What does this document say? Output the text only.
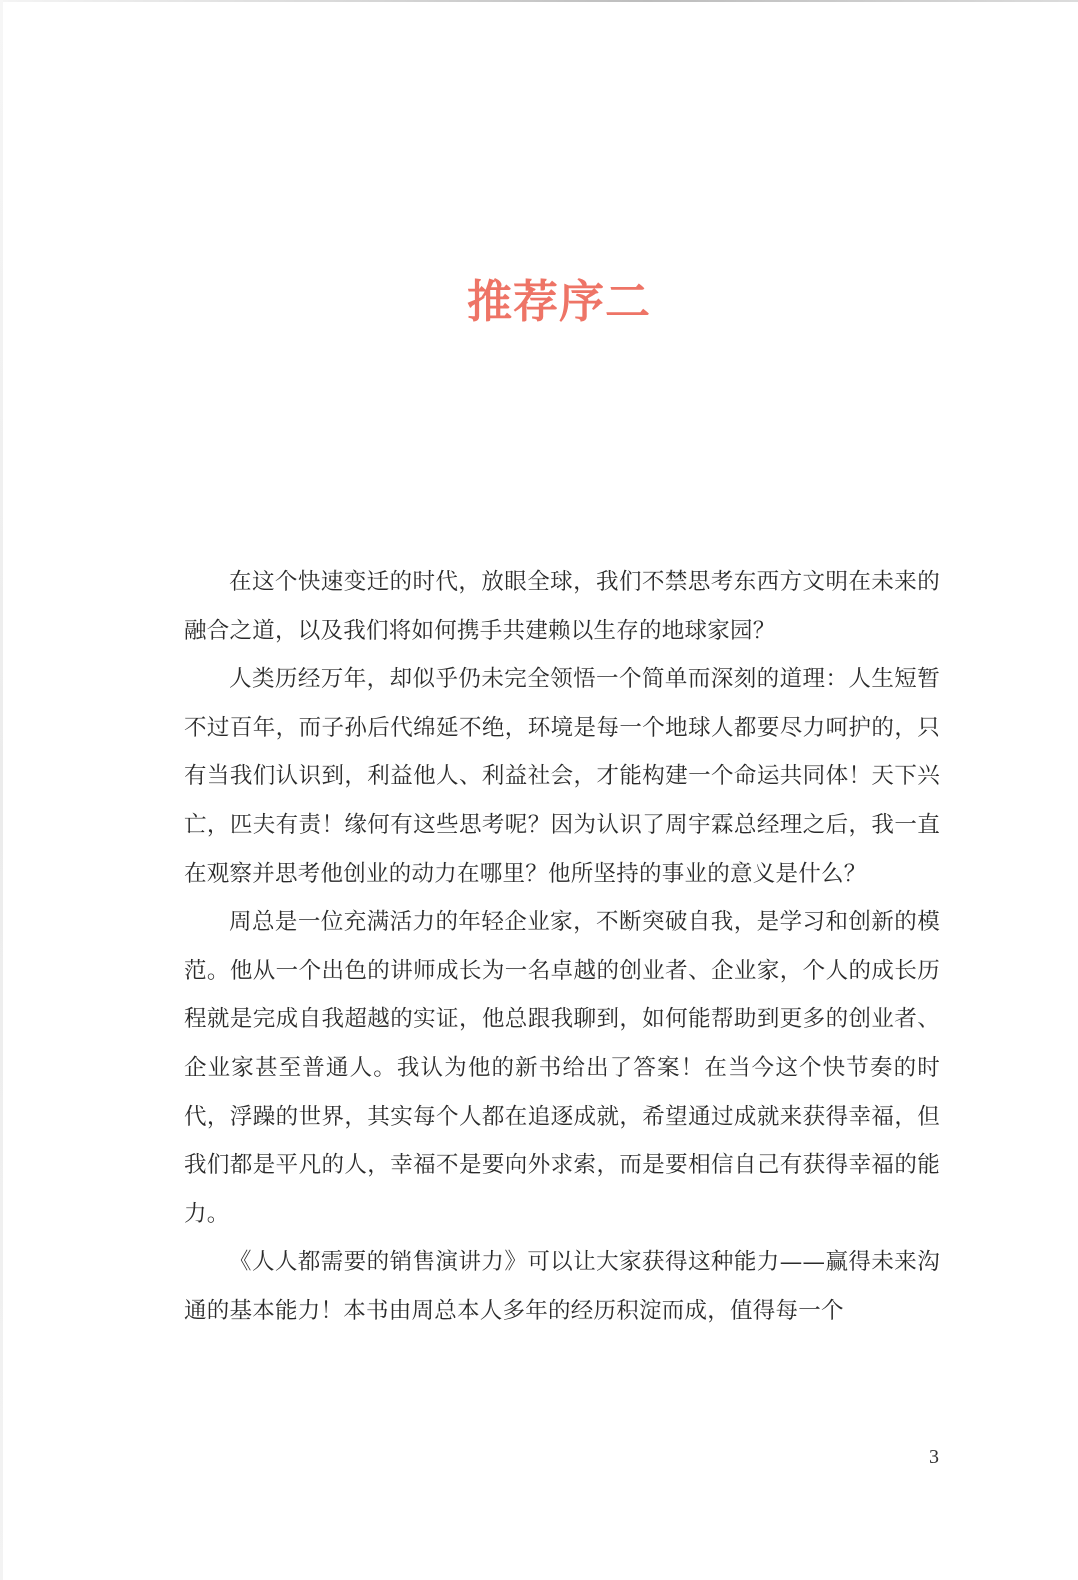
推荐序二

在这个快速变迁的时代，放眼全球，我们不禁思考东西方文明在未来的融合之道，以及我们将如何携手共建赖以生存的地球家园？

人类历经万年，却似乎仍未完全领悟一个简单而深刻的道理：人生短暂不过百年，而子孙后代绵延不绝，环境是每一个地球人都要尽力呵护的，只有当我们认识到，利益他人、利益社会，才能构建一个命运共同体！天下兴亡，匹夫有责！缘何有这些思考呢？因为认识了周宇霖总经理之后，我一直在观察并思考他创业的动力在哪里？他所坚持的事业的意义是什么？

周总是一位充满活力的年轻企业家，不断突破自我，是学习和创新的模范。他从一个出色的讲师成长为一名卓越的创业者、企业家，个人的成长历程就是完成自我超越的实证，他总跟我聊到，如何能帮助到更多的创业者、企业家甚至普通人。我认为他的新书给出了答案！在当今这个快节奏的时代，浮躁的世界，其实每个人都在追逐成就，希望通过成就来获得幸福，但我们都是平凡的人，幸福不是要向外求索，而是要相信自己有获得幸福的能力。

《人人都需要的销售演讲力》可以让大家获得这种能力——赢得未来沟通的基本能力！本书由周总本人多年的经历积淀而成，值得每一个

3
